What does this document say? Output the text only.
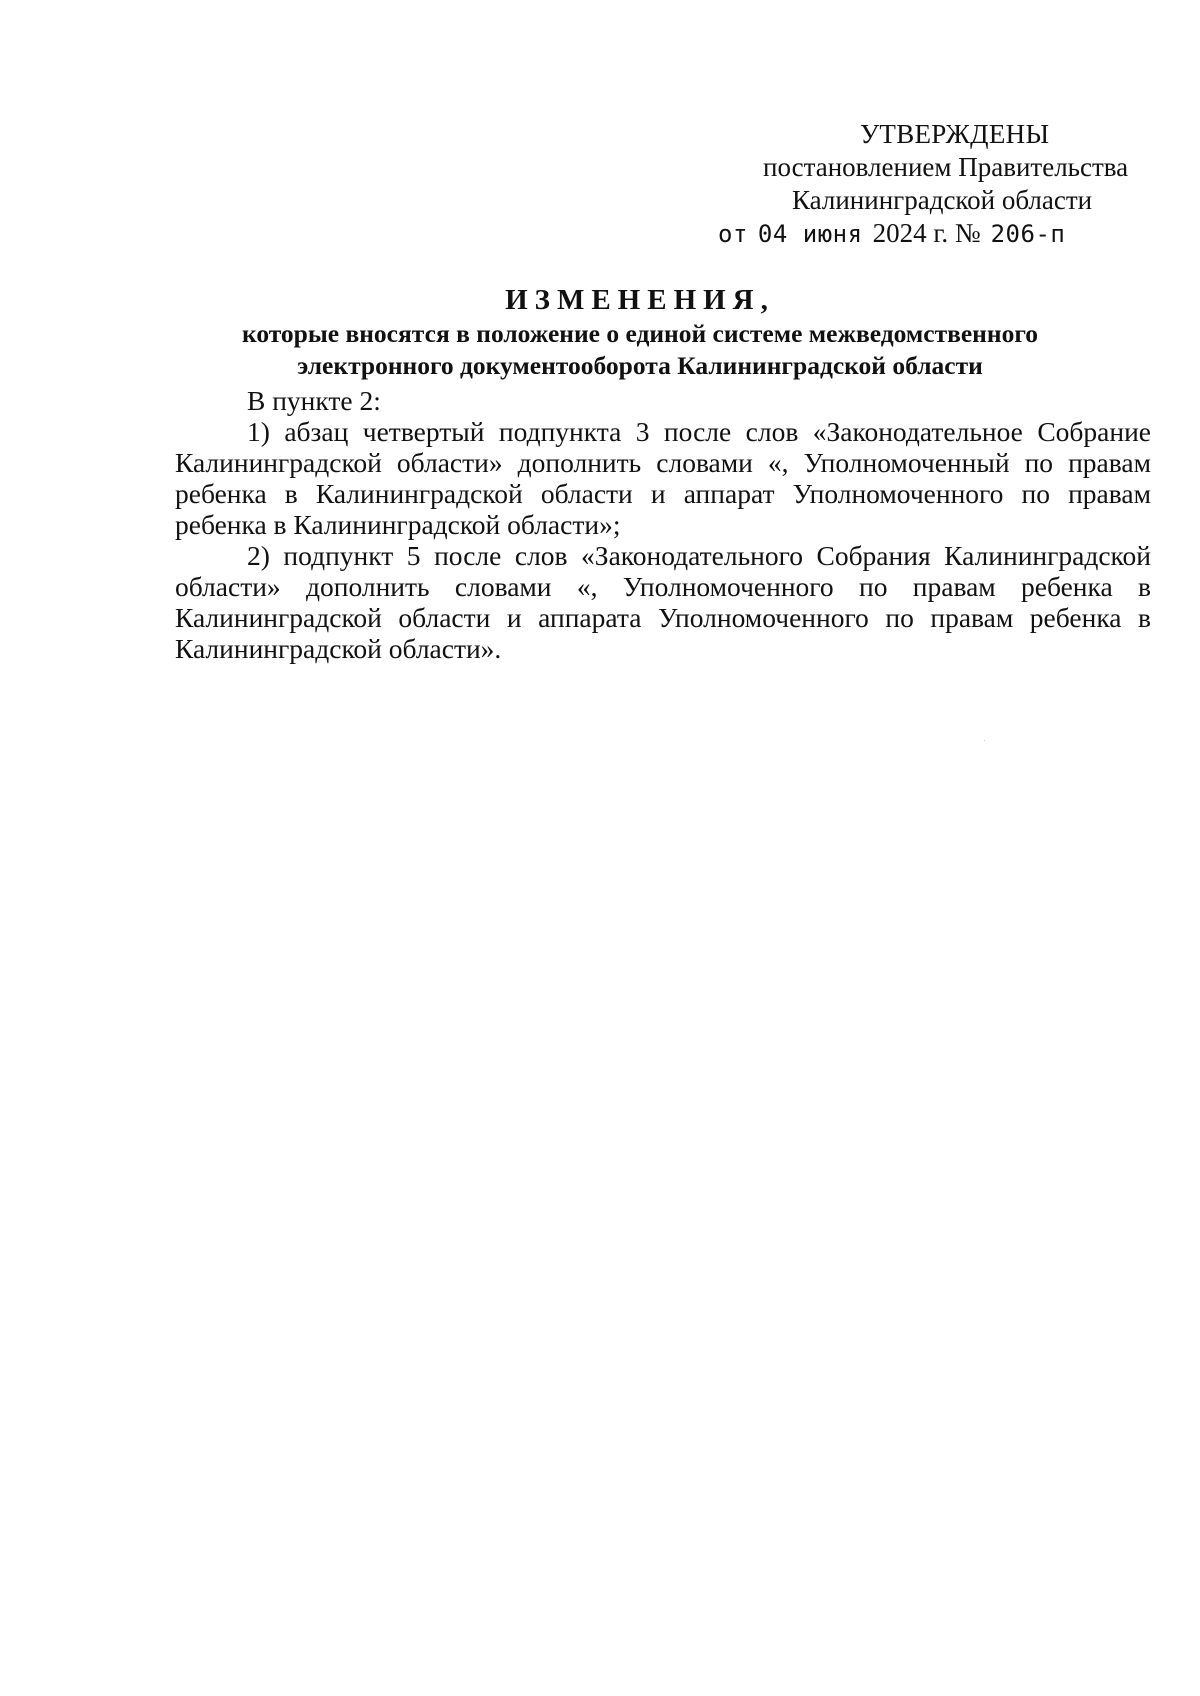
УТВЕРЖДЕНЫ
постановлением Правительства
Калининградской области
от 04 июня 2024 г. № 206-п
ИЗМЕНЕНИЯ,
которые вносятся в положение о единой системе межведомственного
электронного документооборота Калининградской области

В пункте 2:

1) абзац четвертый подпункта 3 после слов «Законодательное Собрание Калининградской области» дополнить словами «, Уполномоченный по правам ребенка в Калининградской области и аппарат Уполномоченного по правам ребенка в Калининградской области»;

2) подпункт 5 после слов «Законодательного Собрания Калининградской области» дополнить словами «, Уполномоченного по правам ребенка в Калининградской области и аппарата Уполномоченного по правам ребенка в Калининградской области».
